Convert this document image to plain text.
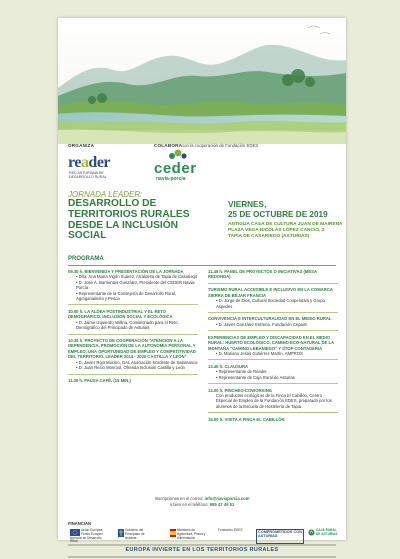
ORGANIZA
reader
RED ASTURIANA DE DESARROLLO RURAL
COLABORA con la cooperación de Fundación EDES
ceder
navia-porcía
JORNADA LEADER:
DESARROLLO DE TERRITORIOS RURALES DESDE LA INCLUSIÓN SOCIAL
VIERNES,
25 DE OCTUBRE DE 2019
ANTIGUA CASA DE CULTURA JUAN DE MAIRENA
PLAZA VEGA NICOLÁS LÓPEZ CANCIO, 2
TAPIA DE CASARIEGO (ASTURIAS)
PROGRAMA
09.30 h. BIENVENIDA Y PRESENTACIÓN DE LA JORNADA
• Dña. Ana María Vigón Suárez, Alcaldesa de Tapia de Casariego
• D. José Á. Barrientos González, Presidente del CEDER Navia-Porcía
• Representante de la Consejería de Desarrollo Rural, Agroganadería y Pesca
10.00 h. LA ALDEA POSTINDUSTRIAL Y EL RETO DEMOGRÁFICO: INCLUSIÓN SOCIAL Y ECOLÓGICA
• D. Jaime Izquierdo Vallina, Comisionado para el Reto Demográfico del Principado de Asturias
10.30 h. PROYECTO DE COOPERACIÓN "ATENCIÓN A LA DEPENDENCIA, PROMOCIÓN DE LA AUTONOMÍA PERSONAL Y EMPLEO. UNA OPORTUNIDAD DE EMPLEO Y COMPETITIVIDAD DEL TERRITORIO. LEADER 2014 - 2020 CASTILLA Y LEÓN"
• D. Javier Rojo Mucino, GAL Asociación Nordeste de Salamanca
• D. Juan Recio Monrool, Ofrenda Inclusión Castilla y León
11.30 h. PAUSA CAFÉ. (15 MIN.)
11.45 h. PANEL DE PROYECTOS O INICIATIVAS (MESA REDONDA)
TURISMO RURAL ACCESIBLE E INCLUSIVO EN LA COMARCA SIERRA DE BÉJAR FRANCIA
• D. Jorge de Dios, Cultural Sociedad Cooperativa y Grupo Aspedes
CONVIVENCIA E INTERCULTURALIDAD EN EL MEDIO RURAL
• D. Javier González Entrena, Fundación Cepaim
EXPERIENCIAS DE EMPLEO Y DISCAPACIDAD EN EL MEDIO RURAL: HUERTO ECOLÓGICO, CAMINO ECO-NATURAL DE LA MONTAÑA "CAMINO LEBANIEGO" Y STOP CONTADERIA
• D. Mariano Jesús Gutiérrez Martín, AMPROS
13.45 h. CLAUSURA
• Representante de Reader
• Representante de Caja Rural de Asturias
14.00 h. PINCHEO-COWORKING
Con productos ecológicos de la Finca El Cabillón, Centro Especial de Empleo de la Fundación EDES, preparado por los alumnos de la Escuela de Hostelería de Tapia
15.00 h. VISITA A FINCA EL CABILLÓN
Inscripciones en el correo: info@naviaporcia.com
o bien en el teléfono: 985 47 49 51
FINANCIAN
Unión Europea Fondo Europeo Agrícola de Desarrollo Rural
Gobierno del Principado de Asturias
Ministerio de Agricultura, Pesca y Alimentación
Fundación EDES	COMPROMETIDOS CON ASTURIAS
CAJA RURAL DE ASTURIAS
EUROPA INVIERTE EN LOS TERRITORIOS RURALES
